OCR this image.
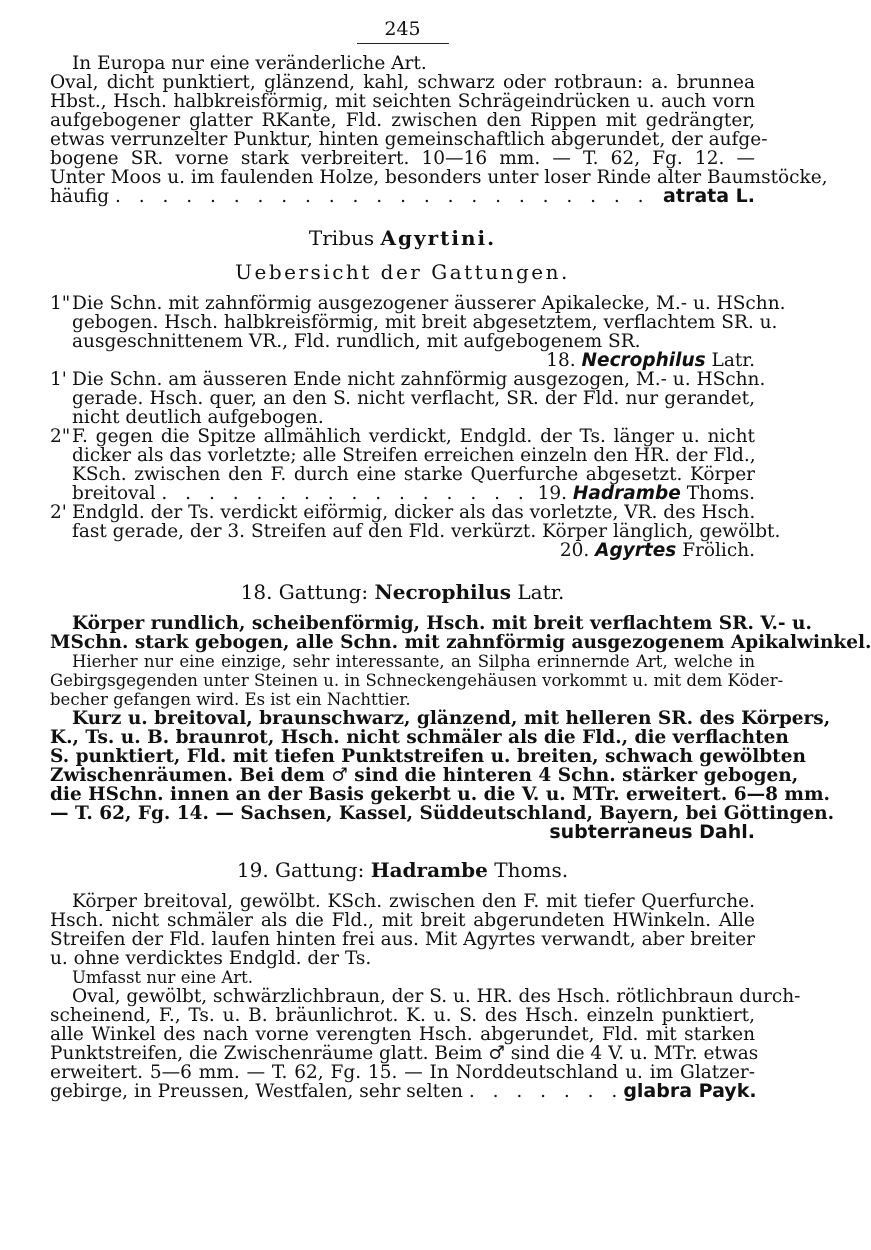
245
In Europa nur eine veränderliche Art.
Oval, dicht punktiert, glänzend, kahl, schwarz oder rotbraun: a. brunnea
Hbst., Hsch. halbkreisförmig, mit seichten Schrägeindrücken u. auch vorn
aufgebogener glatter RKante, Fld. zwischen den Rippen mit gedrängter,
etwas verrunzelter Punktur, hinten gemeinschaftlich abgerundet, der aufge-
bogene SR. vorne stark verbreitert. 10—16 mm. — T. 62, Fg. 12. —
Unter Moos u. im faulenden Holze, besonders unter loser Rinde alter Baumstöcke,
häufig . . . . . . . . . . . . . . . . . . . . . . . atrata L.
Tribus Agyrtini.
Uebersicht der Gattungen.
1"Die Schn. mit zahnförmig ausgezogener äusserer Apikalecke, M.- u. HSchn.
gebogen. Hsch. halbkreisförmig, mit breit abgesetztem, verflachtem SR. u.
ausgeschnittenem VR., Fld. rundlich, mit aufgebogenem SR.
18. Necrophilus Latr.
1' Die Schn. am äusseren Ende nicht zahnförmig ausgezogen, M.- u. HSchn.
gerade. Hsch. quer, an den S. nicht verflacht, SR. der Fld. nur gerandet,
nicht deutlich aufgebogen.
2"F. gegen die Spitze allmählich verdickt, Endgld. der Ts. länger u. nicht
dicker als das vorletzte; alle Streifen erreichen einzeln den HR. der Fld.,
KSch. zwischen den F. durch eine starke Querfurche abgesetzt. Körper
breitoval . . . . . . . . . . . . . . . . 19. Hadrambe Thoms.
2' Endgld. der Ts. verdickt eiförmig, dicker als das vorletzte, VR. des Hsch.
fast gerade, der 3. Streifen auf den Fld. verkürzt. Körper länglich, gewölbt.
20. Agyrtes Frölich.
18. Gattung: Necrophilus Latr.
Körper rundlich, scheibenförmig, Hsch. mit breit verflachtem SR. V.- u.
MSchn. stark gebogen, alle Schn. mit zahnförmig ausgezogenem Apikalwinkel.
Hierher nur eine einzige, sehr interessante, an Silpha erinnernde Art, welche in
Gebirgsgegenden unter Steinen u. in Schneckengehäusen vorkommt u. mit dem Köder-
becher gefangen wird. Es ist ein Nachttier.
Kurz u. breitoval, braunschwarz, glänzend, mit helleren SR. des Körpers,
K., Ts. u. B. braunrot, Hsch. nicht schmäler als die Fld., die verflachten
S. punktiert, Fld. mit tiefen Punktstreifen u. breiten, schwach gewölbten
Zwischenräumen. Bei dem ♂ sind die hinteren 4 Schn. stärker gebogen,
die HSchn. innen an der Basis gekerbt u. die V. u. MTr. erweitert. 6—8 mm.
— T. 62, Fg. 14. — Sachsen, Kassel, Süddeutschland, Bayern, bei Göttingen.
subterraneus Dahl.
19. Gattung: Hadrambe Thoms.
Körper breitoval, gewölbt. KSch. zwischen den F. mit tiefer Querfurche.
Hsch. nicht schmäler als die Fld., mit breit abgerundeten HWinkeln. Alle
Streifen der Fld. laufen hinten frei aus. Mit Agyrtes verwandt, aber breiter
u. ohne verdicktes Endgld. der Ts.
Umfasst nur eine Art.
Oval, gewölbt, schwärzlichbraun, der S. u. HR. des Hsch. rötlichbraun durch-
scheinend, F., Ts. u. B. bräunlichrot. K. u. S. des Hsch. einzeln punktiert,
alle Winkel des nach vorne verengten Hsch. abgerundet, Fld. mit starken
Punktstreifen, die Zwischenräume glatt. Beim ♂ sind die 4 V. u. MTr. etwas
erweitert. 5—6 mm. — T. 62, Fg. 15. — In Norddeutschland u. im Glatzer-
gebirge, in Preussen, Westfalen, sehr selten . . . . . . . glabra Payk.
